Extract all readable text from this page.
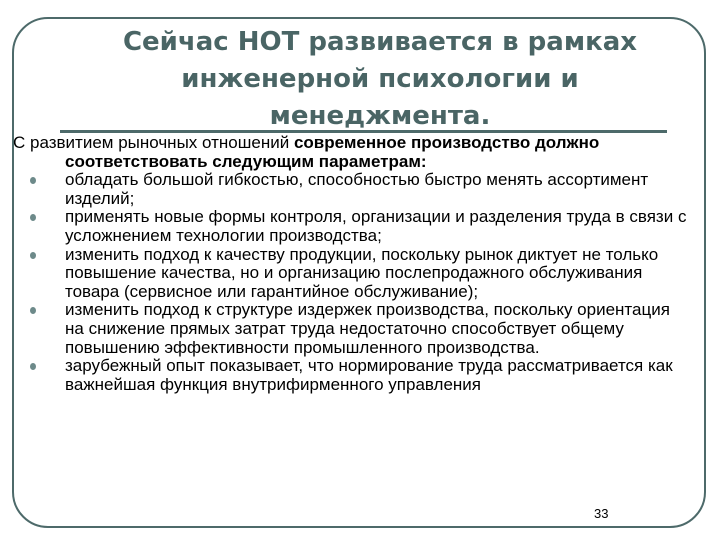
Сейчас НОТ развивается в рамках
инженерной психологии и
менеджмента.

С развитием рыночных отношений современное производство должно соответствовать следующим параметрам:

обладать большой гибкостью, способностью быстро менять ассортимент изделий;
применять новые формы контроля, организации и разделения труда в связи с усложнением технологии производства;
изменить подход к качеству продукции, поскольку рынок диктует не только повышение качества, но и организацию послепродажного обслуживания товара (сервисное или гарантийное обслуживание);
изменить подход к структуре издержек производства, поскольку ориентация на снижение прямых затрат труда недостаточно способствует общему повышению эффективности промышленного производства.
зарубежный опыт показывает, что нормирование труда рассматривается как важнейшая функция внутрифирменного управления
33
